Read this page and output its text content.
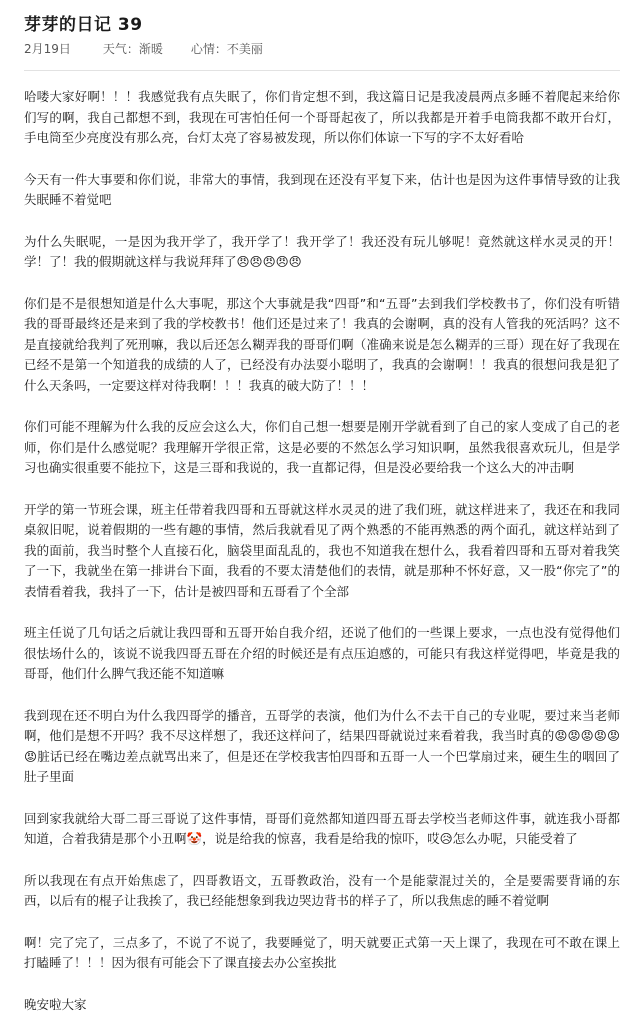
芽芽的日记 39
2月19日	天气：渐暖 心情：不美丽

哈喽大家好啊！！！我感觉我有点失眠了，你们肯定想不到，我这篇日记是我凌晨两点多睡不着爬起来给你们写的啊，我自己都想不到，我现在可害怕任何一个哥哥起夜了，所以我都是开着手电筒我都不敢开台灯，手电筒至少亮度没有那么亮，台灯太亮了容易被发现，所以你们体谅一下写的字不太好看哈

今天有一件大事要和你们说，非常大的事情，我到现在还没有平复下来，估计也是因为这件事情导致的让我失眠睡不着觉吧

为什么失眠呢，一是因为我开学了，我开学了！我开学了！我还没有玩儿够呢！竟然就这样水灵灵的开！学！了！我的假期就这样与我说拜拜了😠😠😠😠😠

你们是不是很想知道是什么大事呢，那这个大事就是我“四哥”和“五哥”去到我们学校教书了，你们没有听错我的哥哥最终还是来到了我的学校教书！他们还是过来了！我真的会谢啊，真的没有人管我的死活吗？这不是直接就给我判了死刑嘛，我以后还怎么糊弄我的哥哥们啊（准确来说是怎么糊弄的三哥）现在好了我现在已经不是第一个知道我的成绩的人了，已经没有办法耍小聪明了，我真的会谢啊！！我真的很想问我是犯了什么天条吗，一定要这样对待我啊！！！我真的破大防了！！！

你们可能不理解为什么我的反应会这么大，你们自己想一想要是刚开学就看到了自己的家人变成了自己的老师，你们是什么感觉呢？我理解开学很正常，这是必要的不然怎么学习知识啊，虽然我很喜欢玩儿，但是学习也确实很重要不能拉下，这是三哥和我说的，我一直都记得，但是没必要给我一个这么大的冲击啊

开学的第一节班会课，班主任带着我四哥和五哥就这样水灵灵的进了我们班，就这样进来了，我还在和我同桌叙旧呢，说着假期的一些有趣的事情，然后我就看见了两个熟悉的不能再熟悉的两个面孔，就这样站到了我的面前，我当时整个人直接石化，脑袋里面乱乱的，我也不知道我在想什么，我看着四哥和五哥对着我笑了一下，我就坐在第一排讲台下面，我看的不要太清楚他们的表情，就是那种不怀好意，又一股“你完了”的表情看着我，我抖了一下，估计是被四哥和五哥看了个全部

班主任说了几句话之后就让我四哥和五哥开始自我介绍，还说了他们的一些课上要求，一点也没有觉得他们很怯场什么的，该说不说我四哥五哥在介绍的时候还是有点压迫感的，可能只有我这样觉得吧，毕竟是我的哥哥，他们什么脾气我还能不知道嘛

我到现在还不明白为什么我四哥学的播音，五哥学的表演，他们为什么不去干自己的专业呢，要过来当老师啊，他们是想不开吗？我不尽这样想了，我还这样问了，结果四哥就说过来看着我，我当时真的😡😡😡😡😡😡脏话已经在嘴边差点就骂出来了，但是还在学校我害怕四哥和五哥一人一个巴掌扇过来，硬生生的咽回了肚子里面

回到家我就给大哥二哥三哥说了这件事情，哥哥们竟然都知道四哥五哥去学校当老师这件事，就连我小哥都知道，合着我猜是那个小丑啊🤡，说是给我的惊喜，我看是给我的惊吓，哎😥怎么办呢，只能受着了

所以我现在有点开始焦虑了，四哥教语文，五哥教政治，没有一个是能蒙混过关的，全是要需要背诵的东西，以后有的棍子让我挨了，我已经能想象到我边哭边背书的样子了，所以我焦虑的睡不着觉啊

啊！完了完了，三点多了，不说了不说了，我要睡觉了，明天就要正式第一天上课了，我现在可不敢在课上打瞌睡了！！！因为很有可能会下了课直接去办公室挨批

晚安啦大家
